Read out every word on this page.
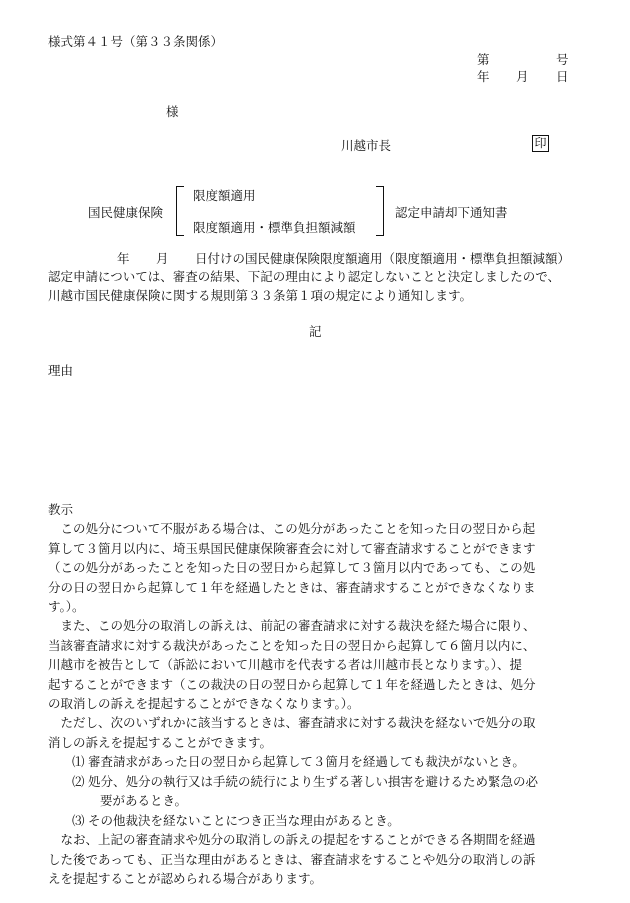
様式第４１号（第３３条関係）
第	号
年 月 日
様
川越市長	印
国民健康保険
限度額適用
限度額適用・標準負担額減額
認定申請却下通知書
年 月 日付けの国民健康保険限度額適用（限度額適用・標準負担額減額）
認定申請については、審査の結果、下記の理由により認定しないことと決定しましたので、
川越市国民健康保険に関する規則第３３条第１項の規定により通知します。
記
理由
教示

　この処分について不服がある場合は、この処分があったことを知った日の翌日から起

算して３箇月以内に、埼玉県国民健康保険審査会に対して審査請求することができます

（この処分があったことを知った日の翌日から起算して３箇月以内であっても、この処

分の日の翌日から起算して１年を経過したときは、審査請求することができなくなりま

す。）。

　また、この処分の取消しの訴えは、前記の審査請求に対する裁決を経た場合に限り、

当該審査請求に対する裁決があったことを知った日の翌日から起算して６箇月以内に、

川越市を被告として（訴訟において川越市を代表する者は川越市長となります。）、提

起することができます（この裁決の日の翌日から起算して１年を経過したときは、処分

の取消しの訴えを提起することができなくなります。）。

　ただし、次のいずれかに該当するときは、審査請求に対する裁決を経ないで処分の取

消しの訴えを提起することができます。

⑴ 審査請求があった日の翌日から起算して３箇月を経過しても裁決がないとき。
⑵ 処分、処分の執行又は手続の続行により生ずる著しい損害を避けるため緊急の必
要があるとき。
⑶ その他裁決を経ないことにつき正当な理由があるとき。

　なお、上記の審査請求や処分の取消しの訴えの提起をすることができる各期間を経過

した後であっても、正当な理由があるときは、審査請求をすることや処分の取消しの訴

えを提起することが認められる場合があります。
